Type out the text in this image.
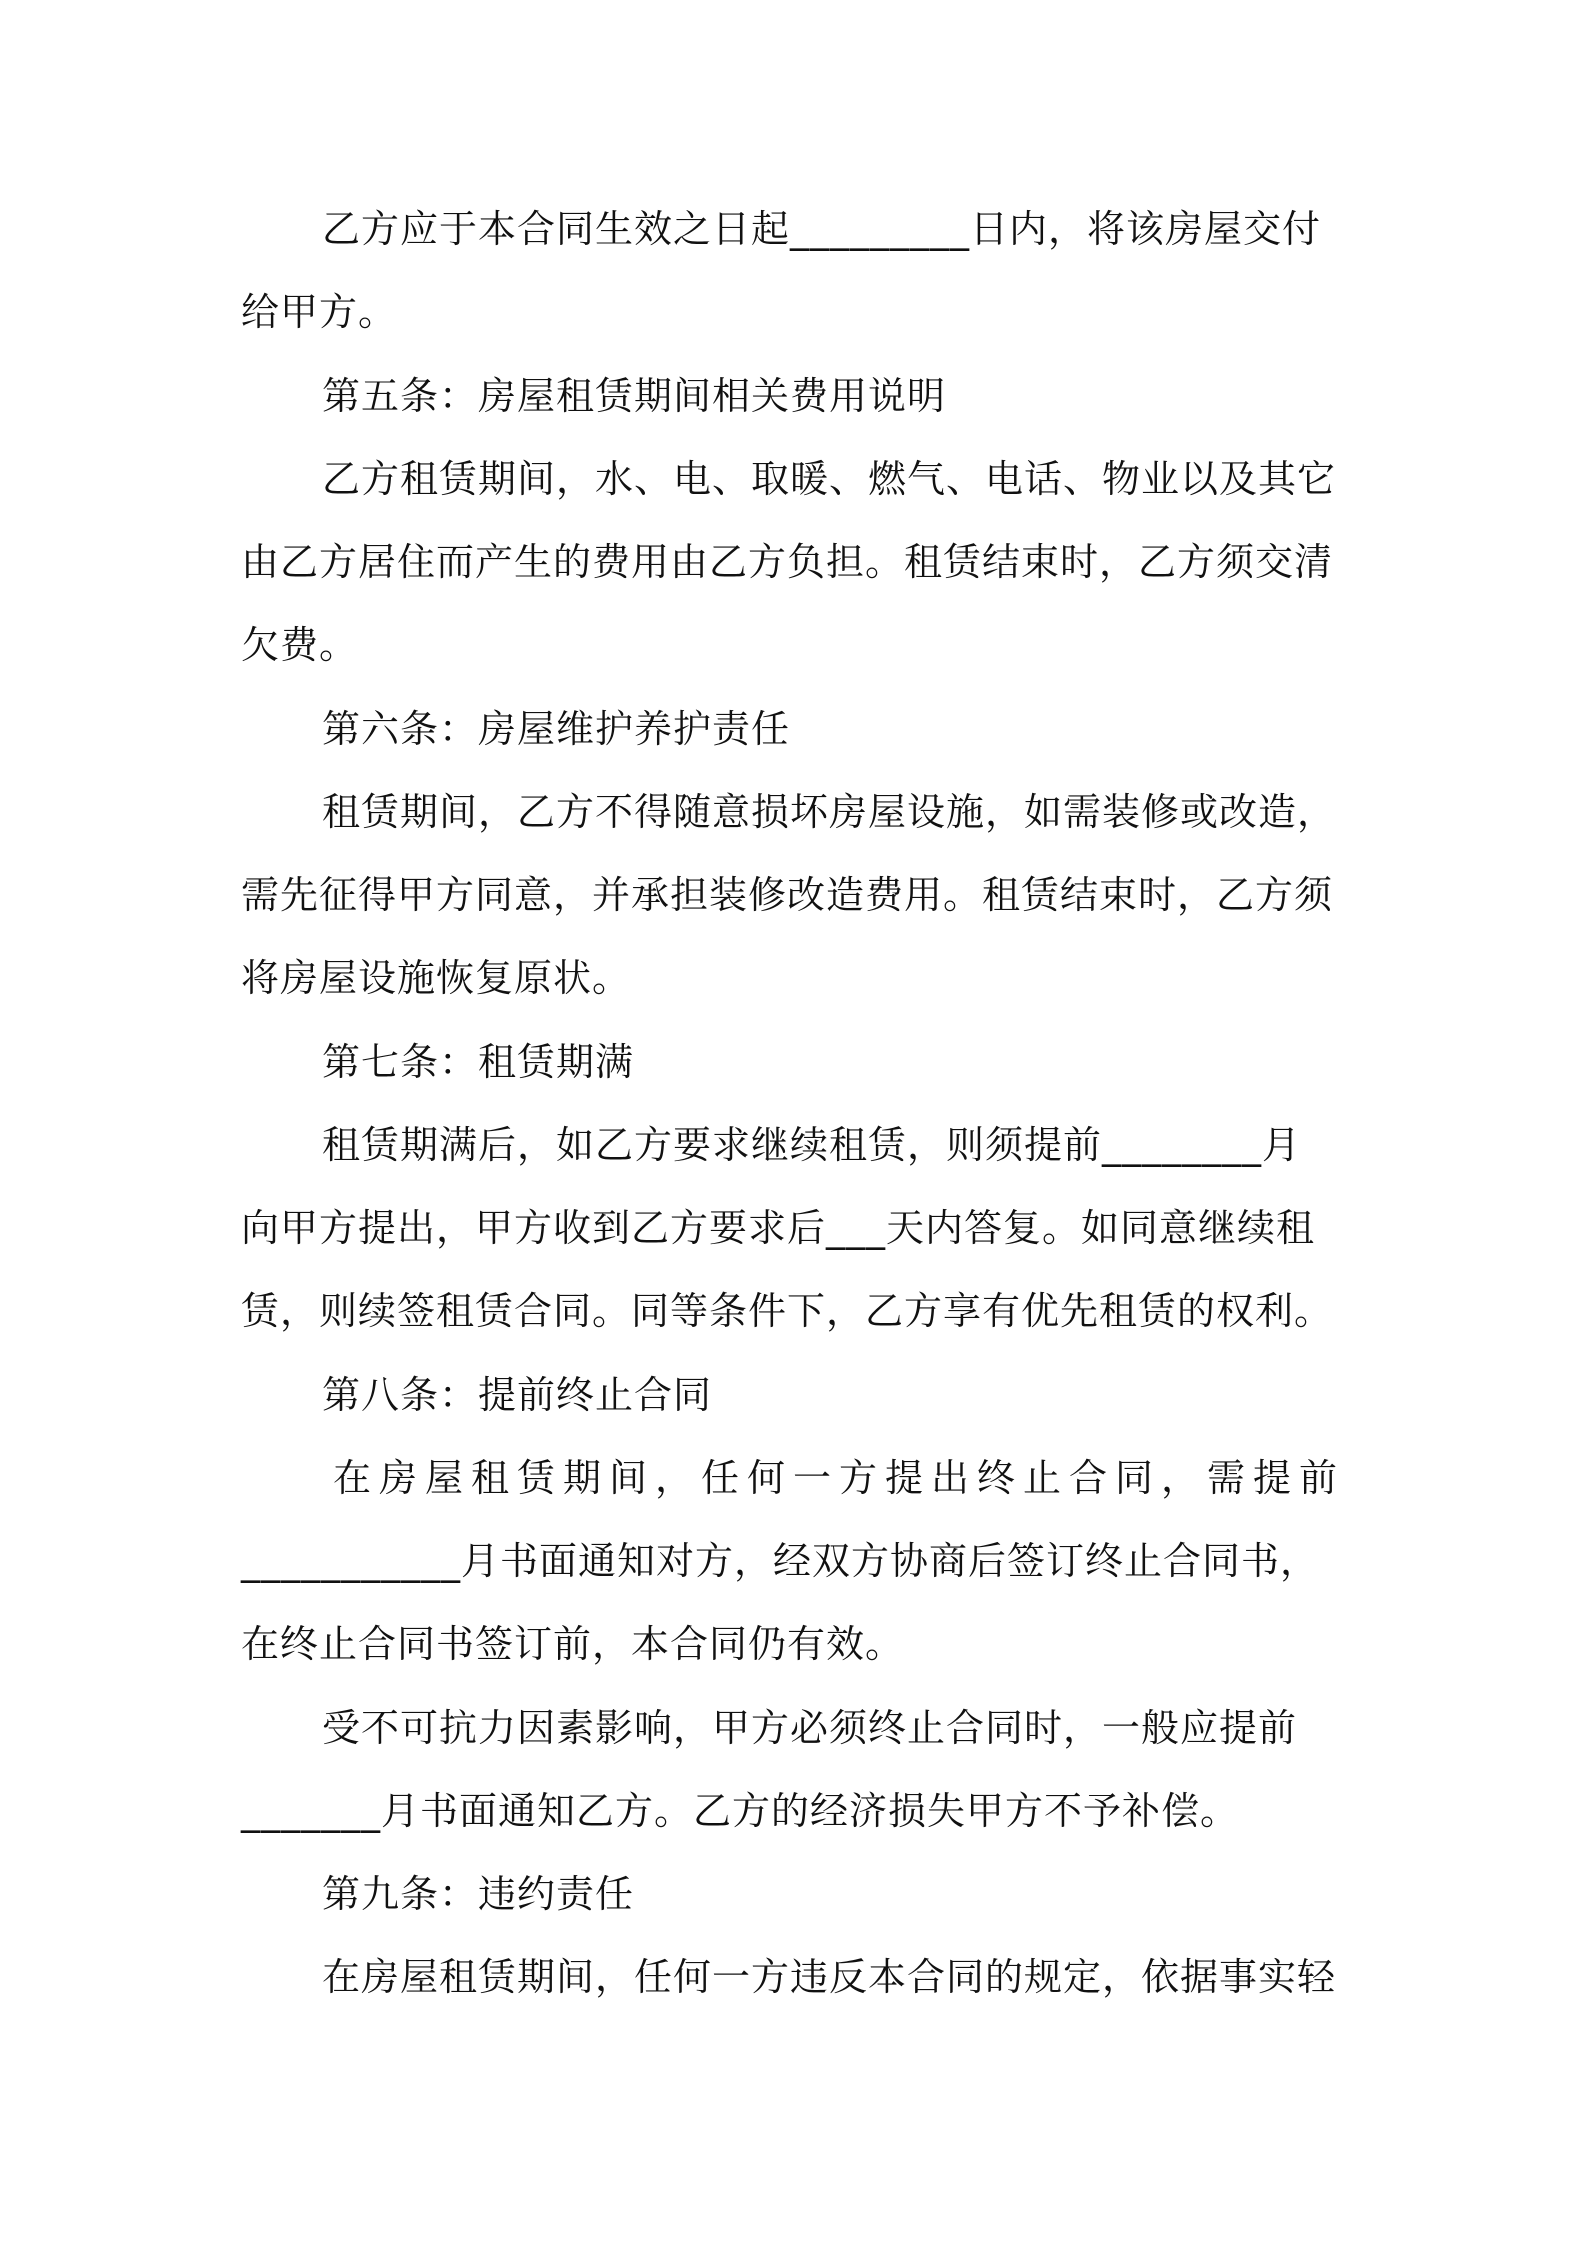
乙方应于本合同生效之日起_________日内，将该房屋交付
给甲方。
第五条：房屋租赁期间相关费用说明
乙方租赁期间，水、电、取暖、燃气、电话、物业以及其它
由乙方居住而产生的费用由乙方负担。租赁结束时，乙方须交清
欠费。
第六条：房屋维护养护责任
租赁期间，乙方不得随意损坏房屋设施，如需装修或改造，
需先征得甲方同意，并承担装修改造费用。租赁结束时，乙方须
将房屋设施恢复原状。
第七条：租赁期满
租赁期满后，如乙方要求继续租赁，则须提前________月
向甲方提出，甲方收到乙方要求后___天内答复。如同意继续租
赁，则续签租赁合同。同等条件下，乙方享有优先租赁的权利。
第八条：提前终止合同
在房屋租赁期间，任何一方提出终止合同，需提前
___________月书面通知对方，经双方协商后签订终止合同书，
在终止合同书签订前，本合同仍有效。
受不可抗力因素影响，甲方必须终止合同时，一般应提前
_______月书面通知乙方。乙方的经济损失甲方不予补偿。
第九条：违约责任
在房屋租赁期间，任何一方违反本合同的规定，依据事实轻
